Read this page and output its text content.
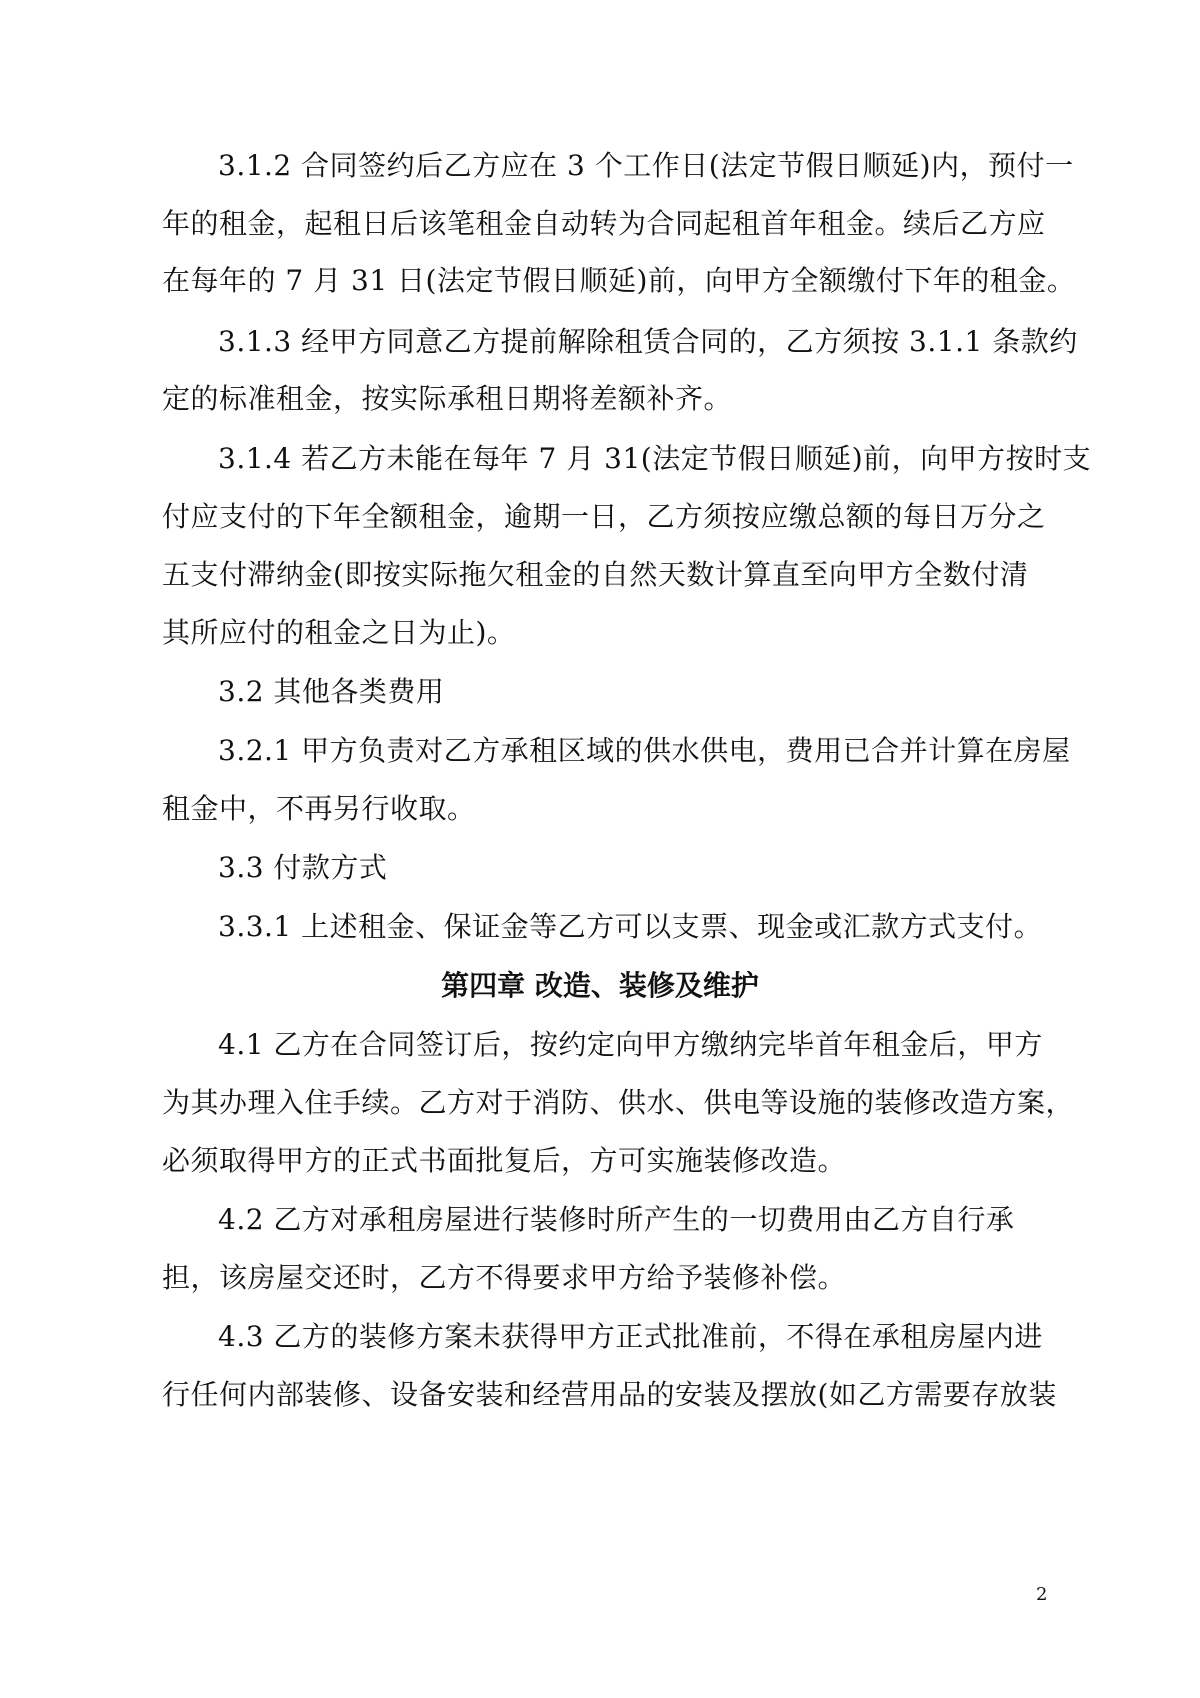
3.1.2 合同签约后乙方应在 3 个工作日(法定节假日顺延)内，预付一
年的租金，起租日后该笔租金自动转为合同起租首年租金。续后乙方应
在每年的 7 月 31 日(法定节假日顺延)前，向甲方全额缴付下年的租金。
3.1.3 经甲方同意乙方提前解除租赁合同的，乙方须按 3.1.1 条款约
定的标准租金，按实际承租日期将差额补齐。
3.1.4 若乙方未能在每年 7 月 31(法定节假日顺延)前，向甲方按时支
付应支付的下年全额租金，逾期一日，乙方须按应缴总额的每日万分之
五支付滞纳金(即按实际拖欠租金的自然天数计算直至向甲方全数付清
其所应付的租金之日为止)。
3.2 其他各类费用
3.2.1 甲方负责对乙方承租区域的供水供电，费用已合并计算在房屋
租金中，不再另行收取。
3.3 付款方式
3.3.1 上述租金、保证金等乙方可以支票、现金或汇款方式支付。
第四章 改造、装修及维护
4.1 乙方在合同签订后，按约定向甲方缴纳完毕首年租金后，甲方
为其办理入住手续。乙方对于消防、供水、供电等设施的装修改造方案，
必须取得甲方的正式书面批复后，方可实施装修改造。
4.2 乙方对承租房屋进行装修时所产生的一切费用由乙方自行承
担，该房屋交还时，乙方不得要求甲方给予装修补偿。
4.3 乙方的装修方案未获得甲方正式批准前，不得在承租房屋内进
行任何内部装修、设备安装和经营用品的安装及摆放(如乙方需要存放装
2
